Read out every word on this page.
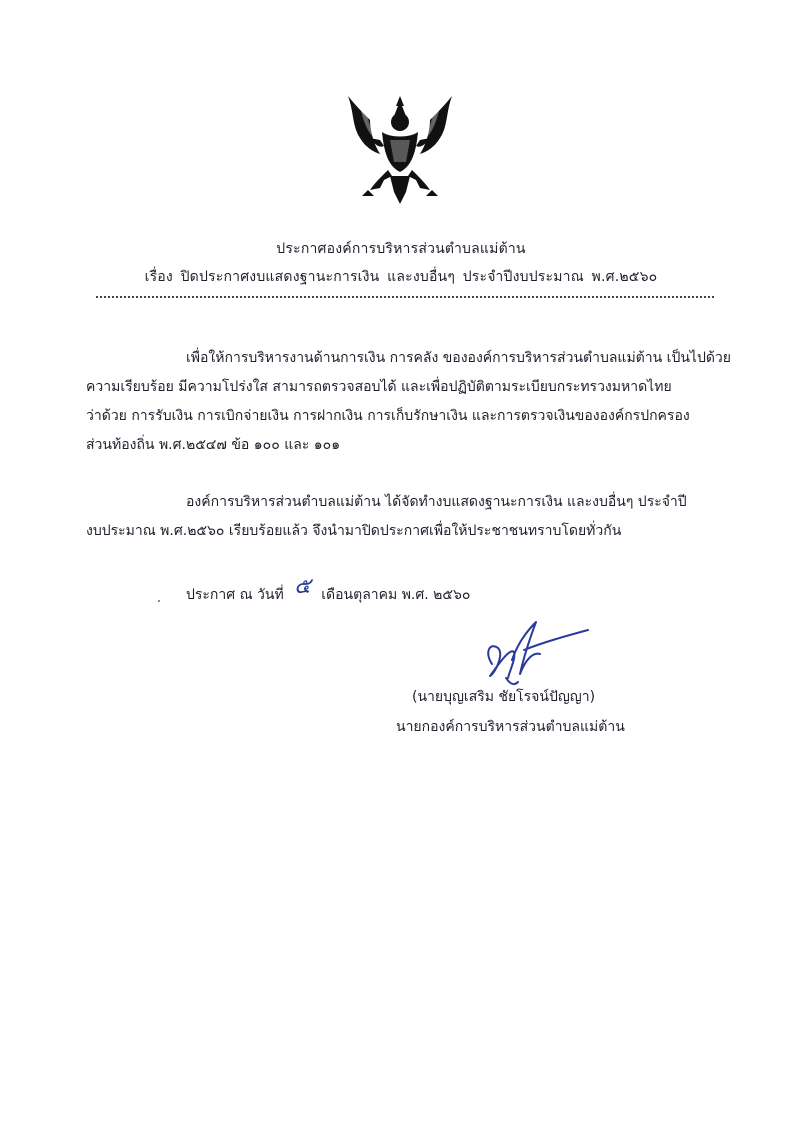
ประกาศองค์การบริหารส่วนตำบลแม่ต้าน
เรื่อง ปิดประกาศงบแสดงฐานะการเงิน และงบอื่นๆ ประจำปีงบประมาณ พ.ศ.๒๕๖๐
เพื่อให้การบริหารงานด้านการเงิน การคลัง ขององค์การบริหารส่วนตำบลแม่ต้าน เป็นไปด้วย
ความเรียบร้อย มีความโปร่งใส สามารถตรวจสอบได้ และเพื่อปฏิบัติตามระเบียบกระทรวงมหาดไทย
ว่าด้วย การรับเงิน การเบิกจ่ายเงิน การฝากเงิน การเก็บรักษาเงิน และการตรวจเงินขององค์กรปกครอง
ส่วนท้องถิ่น พ.ศ.๒๕๔๗ ข้อ ๑๐๐ และ ๑๐๑
องค์การบริหารส่วนตำบลแม่ต้าน ได้จัดทำงบแสดงฐานะการเงิน และงบอื่นๆ ประจำปี
งบประมาณ พ.ศ.๒๕๖๐ เรียบร้อยแล้ว จึงนำมาปิดประกาศเพื่อให้ประชาชนทราบโดยทั่วกัน
ประกาศ ณ วันที่ ๕ เดือนตุลาคม พ.ศ. ๒๕๖๐
(นายบุญเสริม ชัยโรจน์ปัญญา)
นายกองค์การบริหารส่วนตำบลแม่ต้าน
